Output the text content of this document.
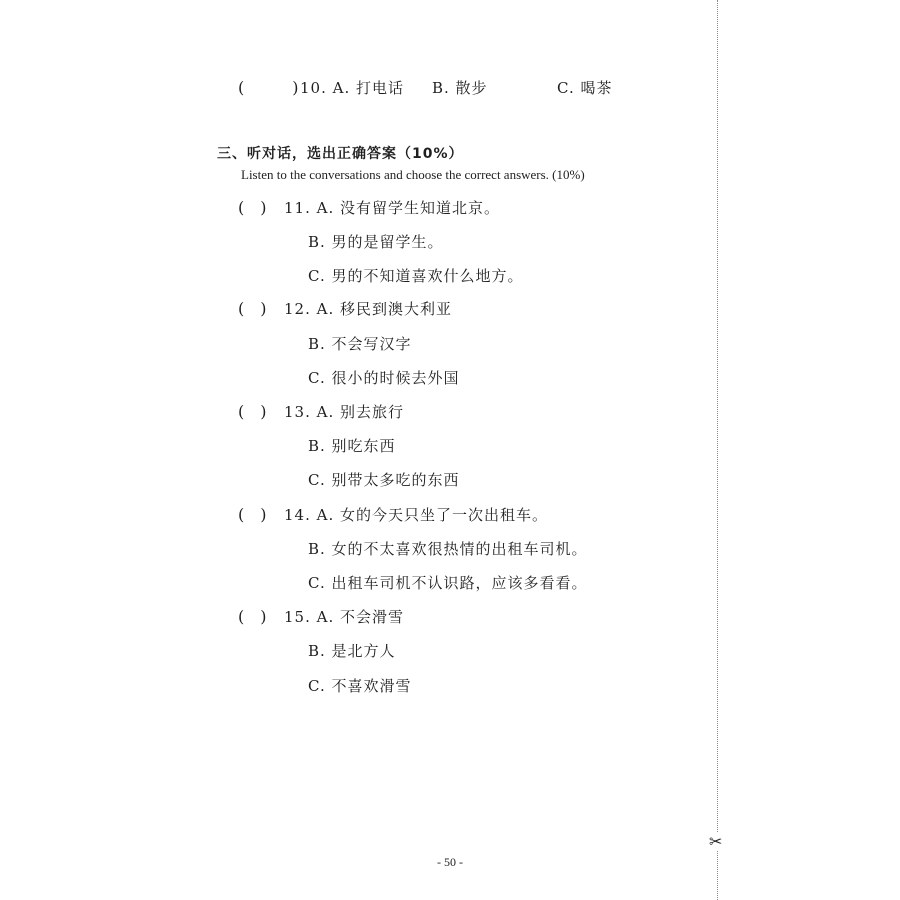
(　　　) 10. A. 打电话 B. 散步	C. 喝茶
三、听对话，选出正确答案（10%）
Listen to the conversations and choose the correct answers. (10%)
(　) 11. A. 没有留学生知道北京。
B. 男的是留学生。
C. 男的不知道喜欢什么地方。
(　) 12. A. 移民到澳大利亚
B. 不会写汉字
C. 很小的时候去外国
(　) 13. A. 别去旅行
B. 别吃东西
C. 别带太多吃的东西
(　) 14. A. 女的今天只坐了一次出租车。
B. 女的不太喜欢很热情的出租车司机。
C. 出租车司机不认识路，应该多看看。
(　) 15. A. 不会滑雪
B. 是北方人
C. 不喜欢滑雪
✂
- 50 -
